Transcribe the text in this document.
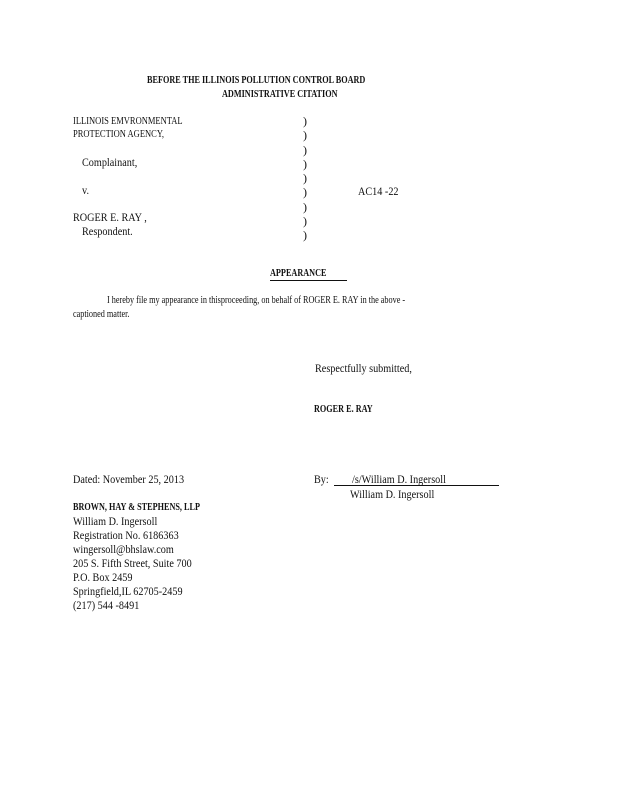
BEFORE THE ILLINOIS POLLUTION CONTROL BOARD
ADMINISTRATIVE CITATION
ILLINOIS EMVRONMENTAL
PROTECTION AGENCY,
Complainant,
v.
ROGER E. RAY ,
Respondent.
)
)
)
)
)
)
)
)
)
AC14 -22
APPEARANCE
I hereby file my appearance in thisproceeding, on behalf of ROGER E. RAY in the above -
captioned matter.
Respectfully submitted,
ROGER E. RAY
Dated: November 25, 2013	By: /s/William D. Ingersoll
William D. Ingersoll
BROWN, HAY & STEPHENS, LLP
William D. Ingersoll
Registration No. 6186363
wingersoll@bhslaw.com
205 S. Fifth Street, Suite 700
P.O. Box 2459
Springfield,IL 62705-2459
(217) 544 -8491
